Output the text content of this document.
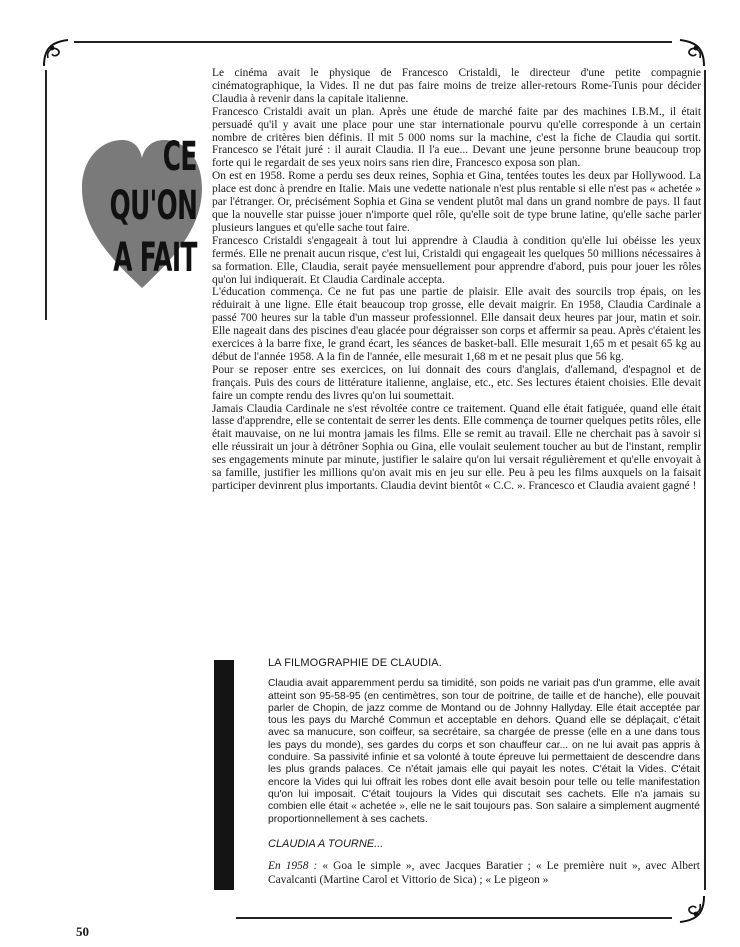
CE
QU'ON
A FAIT

Le cinéma avait le physique de Francesco Cristaldi, le directeur d'une petite compagnie cinématographique, la Vides. Il ne dut pas faire moins de treize aller-retours Rome-Tunis pour décider Claudia à revenir dans la capitale italienne.

Francesco Cristaldi avait un plan. Après une étude de marché faite par des machines I.B.M., il était persuadé qu'il y avait une place pour une star internationale pourvu qu'elle corresponde à un certain nombre de critères bien définis. Il mit 5 000 noms sur la machine, c'est la fiche de Claudia qui sortit. Francesco se l'était juré : il aurait Claudia. Il l'a eue... Devant une jeune personne brune beaucoup trop forte qui le regardait de ses yeux noirs sans rien dire, Francesco exposa son plan.

On est en 1958. Rome a perdu ses deux reines, Sophia et Gina, tentées toutes les deux par Hollywood. La place est donc à prendre en Italie. Mais une vedette nationale n'est plus rentable si elle n'est pas « achetée » par l'étranger. Or, précisément Sophia et Gina se vendent plutôt mal dans un grand nombre de pays. Il faut que la nouvelle star puisse jouer n'importe quel rôle, qu'elle soit de type brune latine, qu'elle sache parler plusieurs langues et qu'elle sache tout faire.

Francesco Cristaldi s'engageait à tout lui apprendre à Claudia à condition qu'elle lui obéisse les yeux fermés. Elle ne prenait aucun risque, c'est lui, Cristaldi qui engageait les quelques 50 millions nécessaires à sa formation. Elle, Claudia, serait payée mensuellement pour apprendre d'abord, puis pour jouer les rôles qu'on lui indiquerait. Et Claudia Cardinale accepta.

L'éducation commença. Ce ne fut pas une partie de plaisir. Elle avait des sourcils trop épais, on les réduirait à une ligne. Elle était beaucoup trop grosse, elle devait maigrir. En 1958, Claudia Cardinale a passé 700 heures sur la table d'un masseur professionnel. Elle dansait deux heures par jour, matin et soir. Elle nageait dans des piscines d'eau glacée pour dégraisser son corps et affermir sa peau. Après c'étaient les exercices à la barre fixe, le grand écart, les séances de basket-ball. Elle mesurait 1,65 m et pesait 65 kg au début de l'année 1958. A la fin de l'année, elle mesurait 1,68 m et ne pesait plus que 56 kg.

Pour se reposer entre ses exercices, on lui donnait des cours d'anglais, d'allemand, d'espagnol et de français. Puis des cours de littérature italienne, anglaise, etc., etc. Ses lectures étaient choisies. Elle devait faire un compte rendu des livres qu'on lui soumettait.

Jamais Claudia Cardinale ne s'est révoltée contre ce traitement. Quand elle était fatiguée, quand elle était lasse d'apprendre, elle se contentait de serrer les dents. Elle commença de tourner quelques petits rôles, elle était mauvaise, on ne lui montra jamais les films. Elle se remit au travail. Elle ne cherchait pas à savoir si elle réussirait un jour à détrôner Sophia ou Gina, elle voulait seulement toucher au but de l'instant, remplir ses engagements minute par minute, justifier le salaire qu'on lui versait régulièrement et qu'elle envoyait à sa famille, justifier les millions qu'on avait mis en jeu sur elle. Peu à peu les films auxquels on la faisait participer devinrent plus importants. Claudia devint bientôt « C.C. ». Francesco et Claudia avaient gagné !

LA FILMOGRAPHIE DE CLAUDIA.

Claudia avait apparemment perdu sa timidité, son poids ne variait pas d'un gramme, elle avait atteint son 95-58-95 (en centimètres, son tour de poitrine, de taille et de hanche), elle pouvait parler de Chopin, de jazz comme de Montand ou de Johnny Hallyday. Elle était acceptée par tous les pays du Marché Commun et acceptable en dehors. Quand elle se déplaçait, c'était avec sa manucure, son coiffeur, sa secrétaire, sa chargée de presse (elle en a une dans tous les pays du monde), ses gardes du corps et son chauffeur car... on ne lui avait pas appris à conduire. Sa passivité infinie et sa volonté à toute épreuve lui permettaient de descendre dans les plus grands palaces. Ce n'était jamais elle qui payait les notes. C'était la Vides. C'était encore la Vides qui lui offrait les robes dont elle avait besoin pour telle ou telle manifestation qu'on lui imposait. C'était toujours la Vides qui discutait ses cachets. Elle n'a jamais su combien elle était « achetée », elle ne le sait toujours pas. Son salaire a simplement augmenté proportionnellement à ses cachets.

CLAUDIA A TOURNE...

En 1958 : « Goa le simple », avec Jacques Baratier ; « Le première nuit », avec Albert Cavalcanti (Martine Carol et Vittorio de Sica) ; « Le pigeon »

50
